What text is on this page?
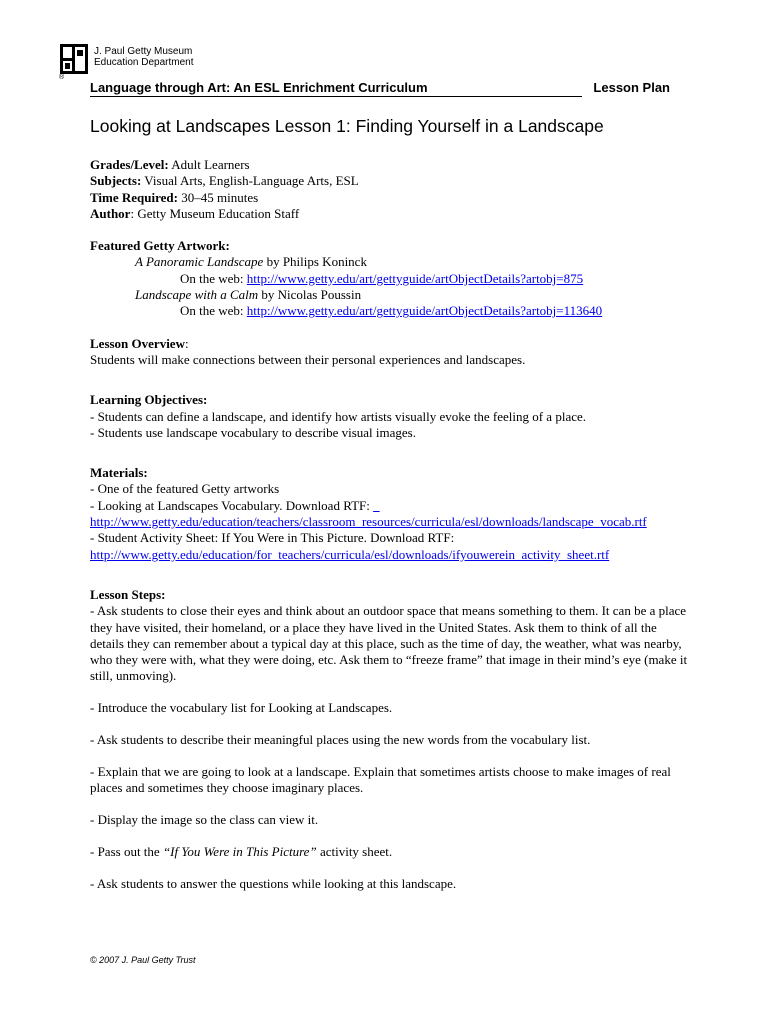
®
J. Paul Getty Museum
Education Department
Language through Art: An ESL Enrichment Curriculum	Lesson Plan
Looking at Landscapes Lesson 1: Finding Yourself in a Landscape

Grades/Level: Adult Learners

Subjects: Visual Arts, English-Language Arts, ESL

Time Required: 30–45 minutes

Author: Getty Museum Education Staff

Featured Getty Artwork:

A Panoramic Landscape by Philips Koninck

On the web: http://www.getty.edu/art/gettyguide/artObjectDetails?artobj=875

Landscape with a Calm by Nicolas Poussin

On the web: http://www.getty.edu/art/gettyguide/artObjectDetails?artobj=113640

Lesson Overview:

Students will make connections between their personal experiences and landscapes.

Learning Objectives:

- Students can define a landscape, and identify how artists visually evoke the feeling of a place.

- Students use landscape vocabulary to describe visual images.

Materials:

- One of the featured Getty artworks

- Looking at Landscapes Vocabulary. Download RTF:

http://www.getty.edu/education/teachers/classroom_resources/curricula/esl/downloads/landscape_vocab.rtf

- Student Activity Sheet: If You Were in This Picture. Download RTF:

http://www.getty.edu/education/for_teachers/curricula/esl/downloads/ifyouwerein_activity_sheet.rtf

Lesson Steps:

- Ask students to close their eyes and think about an outdoor space that means something to them. It can be a place they have visited, their homeland, or a place they have lived in the United States. Ask them to think of all the details they can remember about a typical day at this place, such as the time of day, the weather, what was nearby, who they were with, what they were doing, etc. Ask them to “freeze frame” that image in their mind’s eye (make it still, unmoving).

- Introduce the vocabulary list for Looking at Landscapes.

- Ask students to describe their meaningful places using the new words from the vocabulary list.

- Explain that we are going to look at a landscape. Explain that sometimes artists choose to make images of real places and sometimes they choose imaginary places.

- Display the image so the class can view it.

- Pass out the “If You Were in This Picture” activity sheet.

- Ask students to answer the questions while looking at this landscape.

© 2007 J. Paul Getty Trust
